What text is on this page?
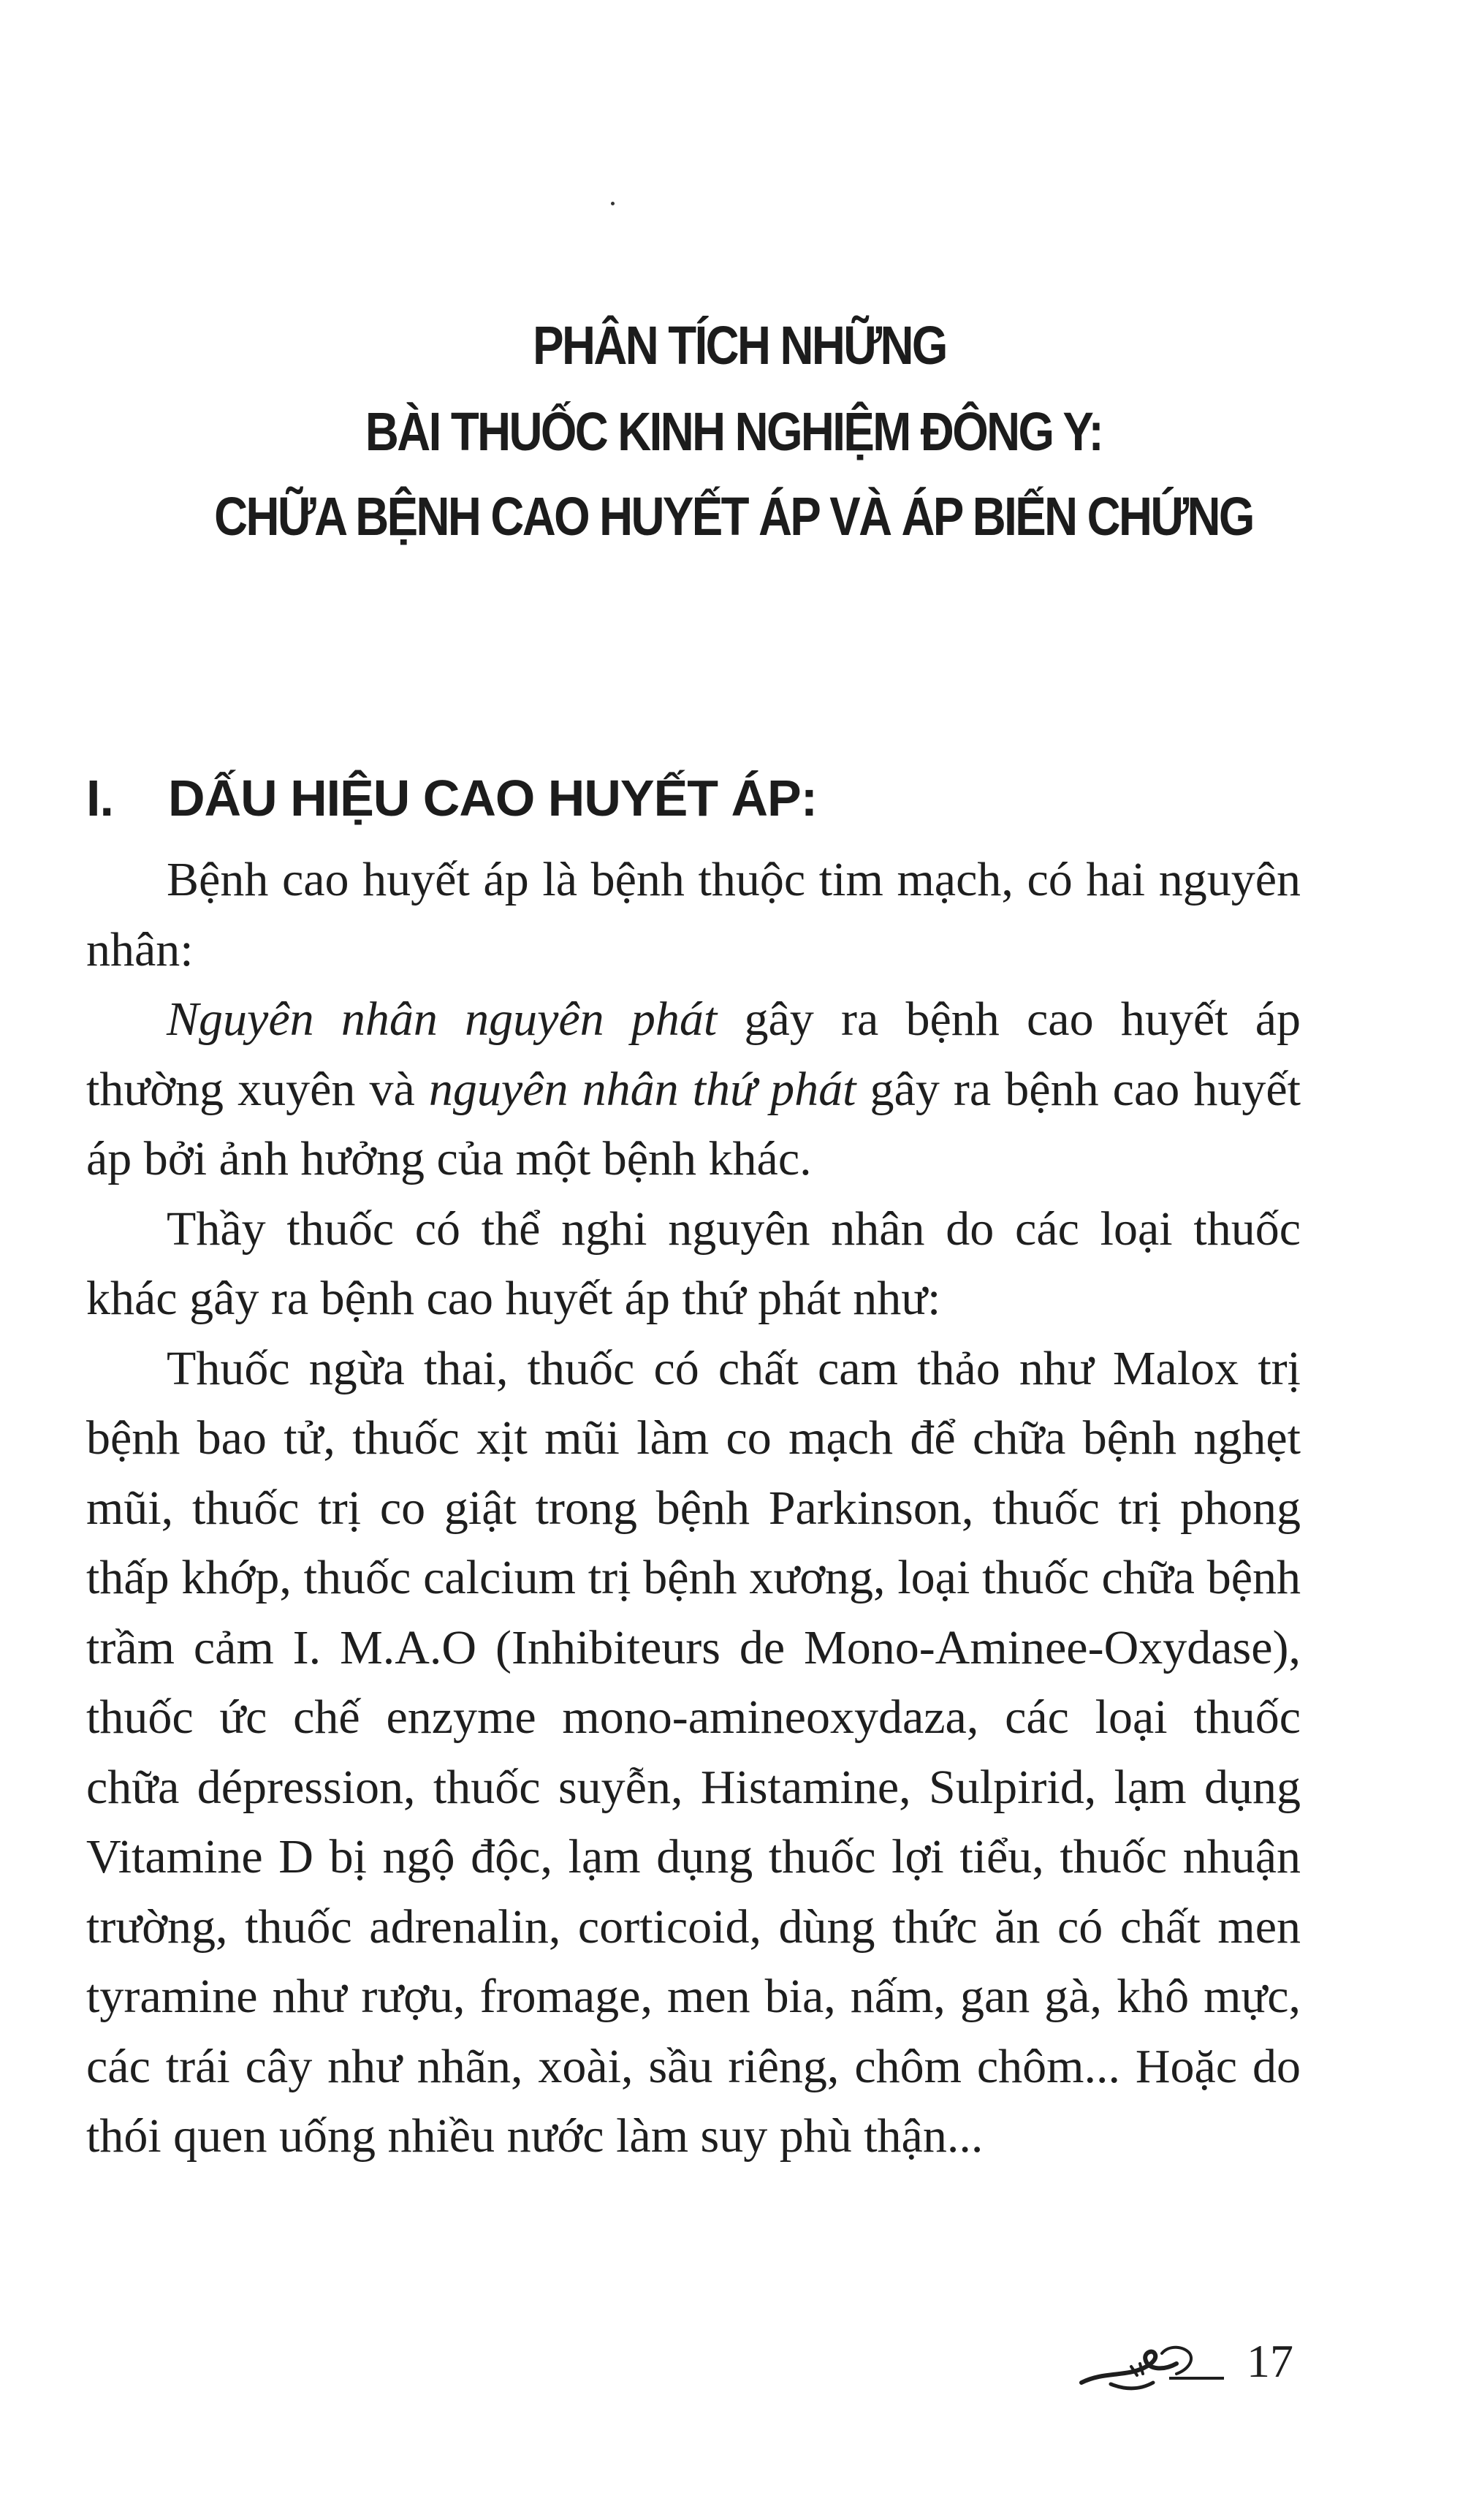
PHÂN TÍCH NHỮNG
BÀI THUỐC KINH NGHIỆM ĐÔNG Y:
CHỮA BỆNH CAO HUYẾT ÁP VÀ ÁP BIẾN CHỨNG
I. DẤU HIỆU CAO HUYẾT ÁP:

Bệnh cao huyết áp là bệnh thuộc tim mạch, có hai nguyên nhân:

Nguyên nhân nguyên phát gây ra bệnh cao huyết áp thường xuyên và nguyên nhân thứ phát gây ra bệnh cao huyết áp bởi ảnh hưởng của một bệnh khác.

Thầy thuốc có thể nghi nguyên nhân do các loại thuốc khác gây ra bệnh cao huyết áp thứ phát như:

Thuốc ngừa thai, thuốc có chất cam thảo như Malox trị bệnh bao tử, thuốc xịt mũi làm co mạch để chữa bệnh nghẹt mũi, thuốc trị co giật trong bệnh Parkinson, thuốc trị phong thấp khớp, thuốc calcium trị bệnh xương, loại thuốc chữa bệnh trầm cảm I. M.A.O (Inhibiteurs de Mono-Aminee-Oxydase), thuốc ức chế enzyme mono-amineoxydaza, các loại thuốc chữa dépression, thuốc suyễn, Histamine, Sulpirid, lạm dụng Vitamine D bị ngộ độc, lạm dụng thuốc lợi tiểu, thuốc nhuận trường, thuốc adrenalin, corticoid, dùng thức ăn có chất men tyramine như rượu, fromage, men bia, nấm, gan gà, khô mực, các trái cây như nhãn, xoài, sầu riêng, chôm chôm... Hoặc do thói quen uống nhiều nước làm suy phù thận...

17
